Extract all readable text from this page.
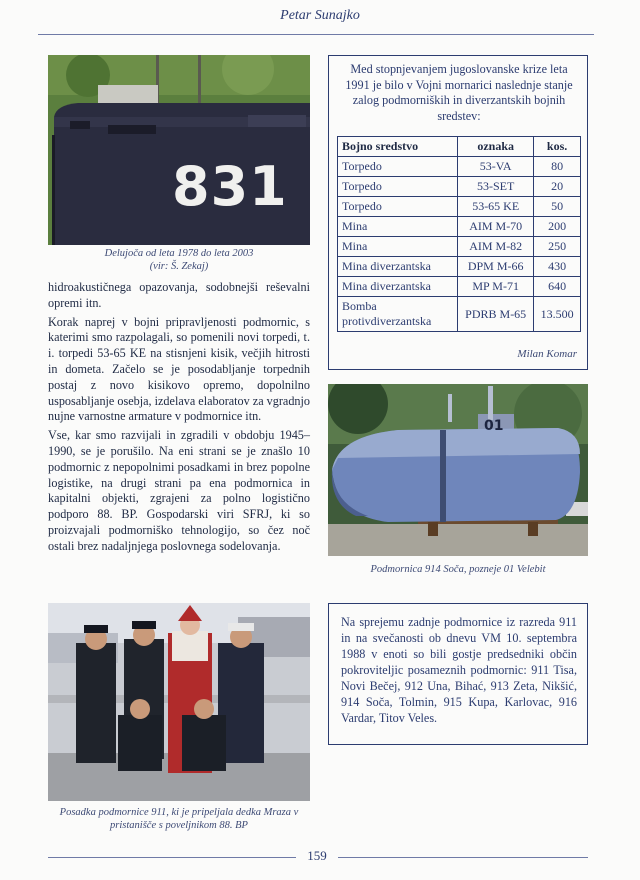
Petar Sunajko
831
Delujoča od leta 1978 do leta 2003
(vir: Š. Zekaj)

hidroakustičnega opazovanja, sodobnejši reševalni opremi itn.

Korak naprej v bojni pripravljenosti podmornic, s katerimi smo razpolagali, so pomenili novi torpedi, t. i. torpedi 53-65 KE na stisnjeni kisik, večjih hitrosti in dometa. Začelo se je posodabljanje torpednih postaj z novo kisikovo opremo, dopolnilno usposabljanje osebja, izdelava elaboratov za vgradnjo nujne varnostne armature v podmornice itn.

Vse, kar smo razvijali in zgradili v obdobju 1945–1990, se je porušilo. Na eni strani se je znašlo 10 podmornic z nepopolnimi posadkami in brez popolne logistike, na drugi strani pa ena podmornica in kapitalni objekti, zgrajeni za polno logistično podporo 88. BP. Gospodarski viri SFRJ, ki so proizvajali podmorniško tehnologijo, so čez noč ostali brez nadaljnjega poslovnega sodelovanja.

Med stopnjevanjem jugoslovanske krize leta 1991 je bilo v Vojni mornarici naslednje stanje zalog podmorniških in diverzantskih bojnih sredstev:
Bojno sredstvo	oznaka	kos.
Torpedo	53-VA	80
Torpedo	53-SET	20
Torpedo	53-65 KE	50
Mina	AIM M-70	200
Mina	AIM M-82	250
Mina diverzantska	DPM M-66	430
Mina diverzantska	MP M-71	640
Bomba protivdiverzantska	PDRB M-65	13.500
Milan Komar
01
Podmornica 914 Soča, pozneje 01 Velebit
Posadka podmornice 911, ki je pripeljala dedka Mraza v
pristanišče s poveljnikom 88. BP
Na sprejemu zadnje podmornice iz razreda 911 in na svečanosti ob dnevu VM 10. septembra 1988 v enoti so bili gostje predsedniki občin pokroviteljic posameznih podmornic: 911 Tisa, Novi Bečej, 912 Una, Bihać, 913 Zeta, Nikšić, 914 Soča, Tolmin, 915 Kupa, Karlovac, 916 Vardar, Titov Veles.
159
